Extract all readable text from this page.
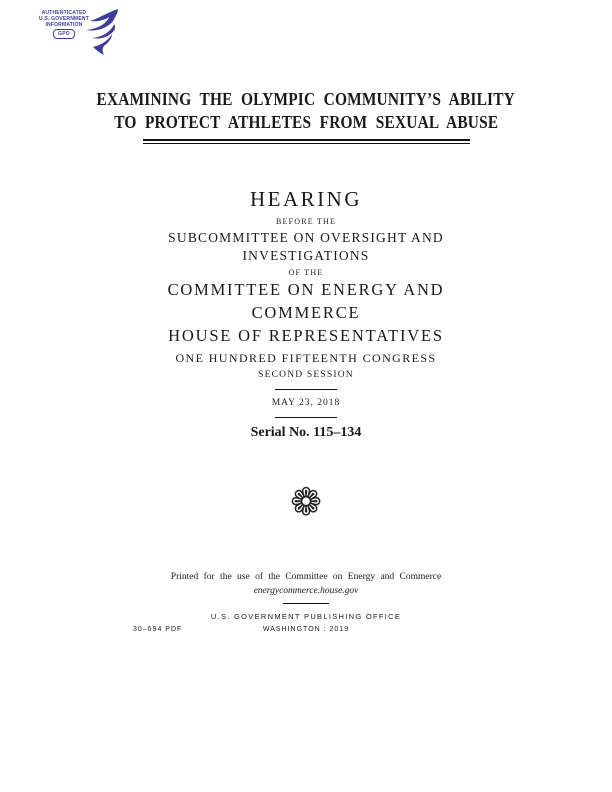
AUTHENTICATED
U.S. GOVERNMENT
INFORMATION
GPO
EXAMINING THE OLYMPIC COMMUNITY’S ABILITY
TO PROTECT ATHLETES FROM SEXUAL ABUSE
HEARING
BEFORE THE
SUBCOMMITTEE ON OVERSIGHT AND
INVESTIGATIONS
OF THE
COMMITTEE ON ENERGY AND
COMMERCE
HOUSE OF REPRESENTATIVES
ONE HUNDRED FIFTEENTH CONGRESS
SECOND SESSION
MAY 23, 2018
Serial No. 115–134
❁
Printed for the use of the Committee on Energy and Commerce
energycommerce.house.gov
U.S. GOVERNMENT PUBLISHING OFFICE
30–694 PDF	WASHINGTON : 2019
